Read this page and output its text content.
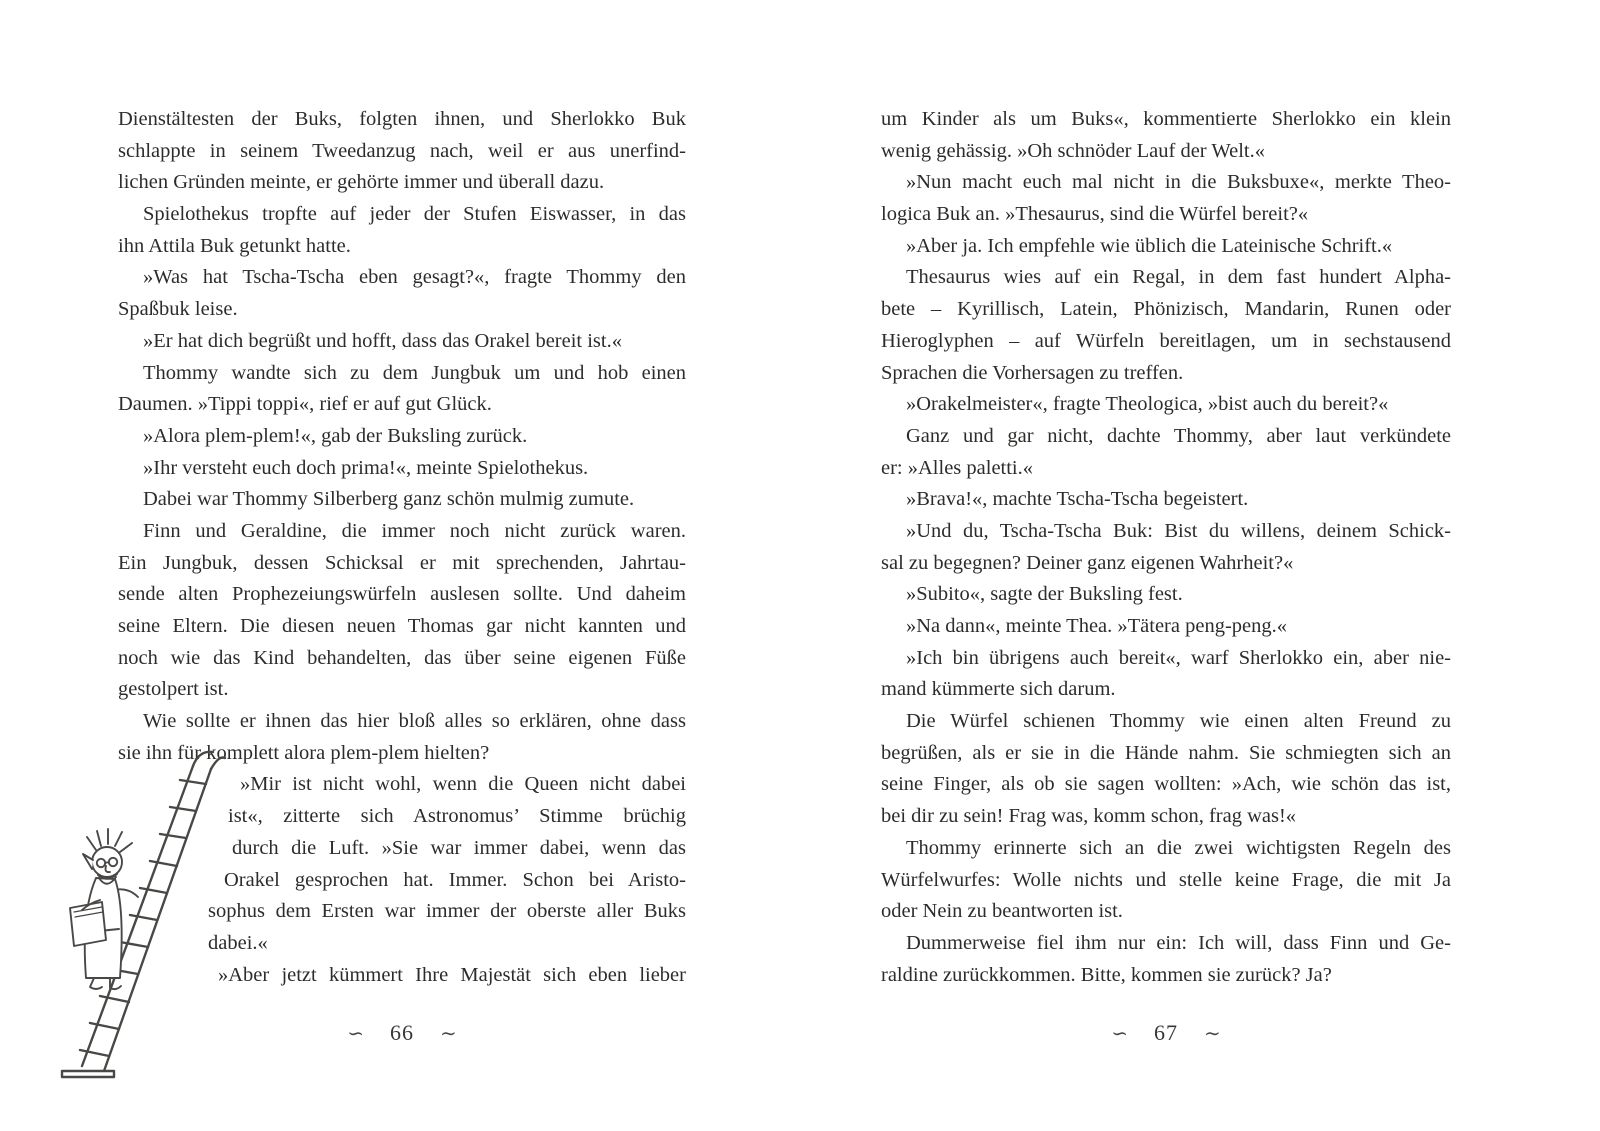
Dienstältesten der Buks, folgten ihnen, und Sherlokko Buk
schlappte in seinem Tweedanzug nach, weil er aus unerfind-
lichen Gründen meinte, er gehörte immer und überall dazu.
Spielothekus tropfte auf jeder der Stufen Eiswasser, in das
ihn Attila Buk getunkt hatte.
»Was hat Tscha-Tscha eben gesagt?«, fragte Thommy den
Spaßbuk leise.
»Er hat dich begrüßt und hofft, dass das Orakel bereit ist.«
Thommy wandte sich zu dem Jungbuk um und hob einen
Daumen. »Tippi toppi«, rief er auf gut Glück.
»Alora plem-plem!«, gab der Buksling zurück.
»Ihr versteht euch doch prima!«, meinte Spielothekus.
Dabei war Thommy Silberberg ganz schön mulmig zumute.
Finn und Geraldine, die immer noch nicht zurück waren.
Ein Jungbuk, dessen Schicksal er mit sprechenden, Jahrtau-
sende alten Prophezeiungswürfeln auslesen sollte. Und daheim
seine Eltern. Die diesen neuen Thomas gar nicht kannten und
noch wie das Kind behandelten, das über seine eigenen Füße
gestolpert ist.
Wie sollte er ihnen das hier bloß alles so erklären, ohne dass
sie ihn für komplett alora plem-plem hielten?
»Mir ist nicht wohl, wenn die Queen nicht dabei
ist«, zitterte sich Astronomus’ Stimme brüchig
durch die Luft. »Sie war immer dabei, wenn das
Orakel gesprochen hat. Immer. Schon bei Aristo-
sophus dem Ersten war immer der oberste aller Buks
dabei.«
»Aber jetzt kümmert Ihre Majestät sich eben lieber
um Kinder als um Buks«, kommentierte Sherlokko ein klein
wenig gehässig. »Oh schnöder Lauf der Welt.«
»Nun macht euch mal nicht in die Buksbuxe«, merkte Theo-
logica Buk an. »Thesaurus, sind die Würfel bereit?«
»Aber ja. Ich empfehle wie üblich die Lateinische Schrift.«
Thesaurus wies auf ein Regal, in dem fast hundert Alpha-
bete – Kyrillisch, Latein, Phönizisch, Mandarin, Runen oder
Hieroglyphen – auf Würfeln bereitlagen, um in sechstausend
Sprachen die Vorhersagen zu treffen.
»Orakelmeister«, fragte Theologica, »bist auch du bereit?«
Ganz und gar nicht, dachte Thommy, aber laut verkündete
er: »Alles paletti.«
»Brava!«, machte Tscha-Tscha begeistert.
»Und du, Tscha-Tscha Buk: Bist du willens, deinem Schick-
sal zu begegnen? Deiner ganz eigenen Wahrheit?«
»Subito«, sagte der Buksling fest.
»Na dann«, meinte Thea. »Tätera peng-peng.«
»Ich bin übrigens auch bereit«, warf Sherlokko ein, aber nie-
mand kümmerte sich darum.
Die Würfel schienen Thommy wie einen alten Freund zu
begrüßen, als er sie in die Hände nahm. Sie schmiegten sich an
seine Finger, als ob sie sagen wollten: »Ach, wie schön das ist,
bei dir zu sein! Frag was, komm schon, frag was!«
Thommy erinnerte sich an die zwei wichtigsten Regeln des
Würfelwurfes: Wolle nichts und stelle keine Frage, die mit Ja
oder Nein zu beantworten ist.
Dummerweise fiel ihm nur ein: Ich will, dass Finn und Ge-
raldine zurückkommen. Bitte, kommen sie zurück? Ja?
∽ 66 ∼	∽ 67 ∼
